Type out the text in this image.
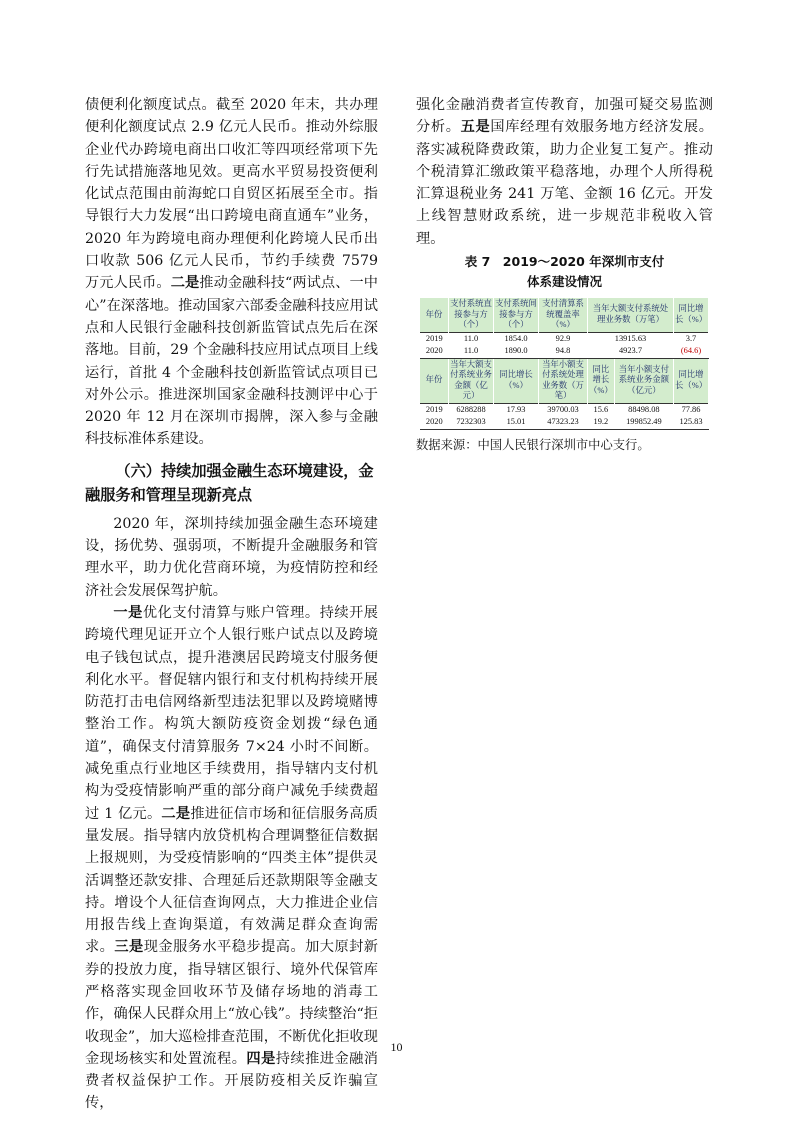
债便利化额度试点。截至 2020 年末，共办理便利化额度试点 2.9 亿元人民币。推动外综服企业代办跨境电商出口收汇等四项经常项下先行先试措施落地见效。更高水平贸易投资便利化试点范围由前海蛇口自贸区拓展至全市。指导银行大力发展“出口跨境电商直通车”业务，2020 年为跨境电商办理便利化跨境人民币出口收款 506 亿元人民币，节约手续费 7579 万元人民币。二是推动金融科技“两试点、一中心”在深落地。推动国家六部委金融科技应用试点和人民银行金融科技创新监管试点先后在深落地。目前，29 个金融科技应用试点项目上线运行，首批 4 个金融科技创新监管试点项目已对外公示。推进深圳国家金融科技测评中心于 2020 年 12 月在深圳市揭牌，深入参与金融科技标准体系建设。

（六）持续加强金融生态环境建设，金融服务和管理呈现新亮点

2020 年，深圳持续加强金融生态环境建设，扬优势、强弱项，不断提升金融服务和管理水平，助力优化营商环境，为疫情防控和经济社会发展保驾护航。

一是优化支付清算与账户管理。持续开展跨境代理见证开立个人银行账户试点以及跨境电子钱包试点，提升港澳居民跨境支付服务便利化水平。督促辖内银行和支付机构持续开展防范打击电信网络新型违法犯罪以及跨境赌博整治工作。构筑大额防疫资金划拨“绿色通道”，确保支付清算服务 7×24 小时不间断。减免重点行业地区手续费用，指导辖内支付机构为受疫情影响严重的部分商户减免手续费超过 1 亿元。二是推进征信市场和征信服务高质量发展。指导辖内放贷机构合理调整征信数据上报规则，为受疫情影响的“四类主体”提供灵活调整还款安排、合理延后还款期限等金融支持。增设个人征信查询网点，大力推进企业信用报告线上查询渠道，有效满足群众查询需求。三是现金服务水平稳步提高。加大原封新券的投放力度，指导辖区银行、境外代保管库严格落实现金回收环节及储存场地的消毒工作，确保人民群众用上“放心钱”。持续整治“拒收现金”，加大巡检排查范围，不断优化拒收现金现场核实和处置流程。四是持续推进金融消费者权益保护工作。开展防疫相关反诈骗宣传，

强化金融消费者宣传教育，加强可疑交易监测分析。五是国库经理有效服务地方经济发展。落实减税降费政策，助力企业复工复产。推动个税清算汇缴政策平稳落地，办理个人所得税汇算退税业务 241 万笔、金额 16 亿元。开发上线智慧财政系统，进一步规范非税收入管理。

表 7　2019～2020 年深圳市支付
体系建设情况
年份	支付系统直接参与方（个）	支付系统间接参与方（个）	支付清算系统覆盖率（%）	当年大额支付系统处理业务数（万笔）		同比增长（%）
2019	11.0	1854.0	92.9	13915.63		3.7
2020	11.0	1890.0	94.8	4923.7		(64.6)
年份	当年大额支付系统业务金额（亿元）	同比增长（%）	当年小额支付系统处理业务数（万笔）	同比增长（%）	当年小额支付系统业务金额（亿元）	同比增长（%）
2019	6288288	17.93	39700.03	15.6	88498.08	77.86
2020	7232303	15.01	47323.23	19.2	199852.49	125.83
数据来源：中国人民银行深圳市中心支行。
10
